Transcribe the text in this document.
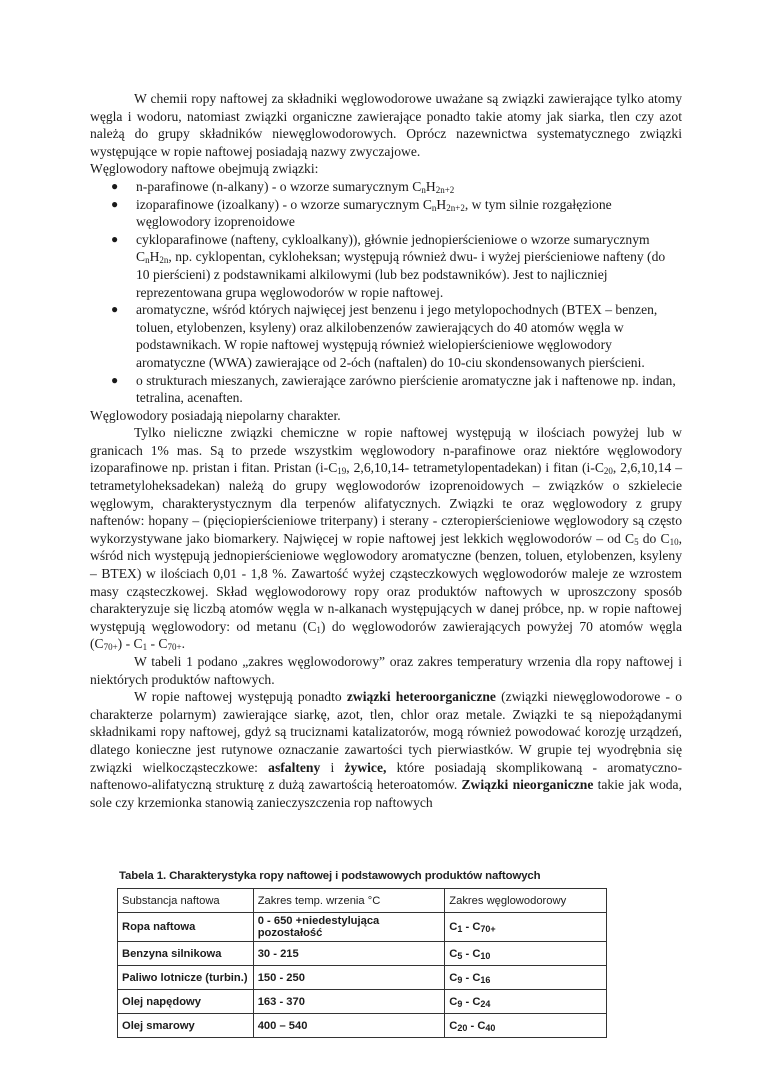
W chemii ropy naftowej za składniki węglowodorowe uważane są związki zawierające tylko atomy węgla i wodoru, natomiast związki organiczne zawierające ponadto takie atomy jak siarka, tlen czy azot należą do grupy składników niewęglowodorowych. Oprócz nazewnictwa systematycznego związki występujące w ropie naftowej posiadają nazwy zwyczajowe.

Węglowodory naftowe obejmują związki:

● n-parafinowe (n-alkany) - o wzorze sumarycznym $C_nH_{2n+2}$
● izoparafinowe (izoalkany) - o wzorze sumarycznym $C_nH_{2n+2}$, w tym silnie rozgałęzione węglowodory izoprenoidowe
● cykloparafinowe (nafteny, cykloalkany)), głównie jednopierścieniowe o wzorze sumarycznym $C_nH_{2n}$, np. cyklopentan, cykloheksan; występują również dwu- i wyżej pierścieniowe nafteny (do 10 pierścieni) z podstawnikami alkilowymi (lub bez podstawników). Jest to najliczniej reprezentowana grupa węglowodorów w ropie naftowej.
● aromatyczne, wśród których najwięcej jest benzenu i jego metylopochodnych (BTEX – benzen, toluen, etylobenzen, ksyleny) oraz alkilobenzenów zawierających do 40 atomów węgla w podstawnikach. W ropie naftowej występują również wielopierścieniowe węglowodory aromatyczne (WWA) zawierające od 2-óch (naftalen) do 10-ciu skondensowanych pierścieni.
● o strukturach mieszanych, zawierające zarówno pierścienie aromatyczne jak i naftenowe np. indan, tetralina, acenaften.

Węglowodory posiadają niepolarny charakter.

Tylko nieliczne związki chemiczne w ropie naftowej występują w ilościach powyżej lub w granicach 1% mas. Są to przede wszystkim węglowodory n-parafinowe oraz niektóre węglowodory izoparafinowe np. pristan i fitan. Pristan ($i-C_{19}$, 2,6,10,14- tetrametylopentadekan) i fitan ($i-C_{20}$, 2,6,10,14 – tetrametyloheksadekan) należą do grupy węglowodorów izoprenoidowych – związków o szkielecie węglowym, charakterystycznym dla terpenów alifatycznych. Związki te oraz węglowodory z grupy naftenów: hopany – (pięciopierścieniowe triterpany) i sterany - czteropierścieniowe węglowodory są często wykorzystywane jako biomarkery. Najwięcej w ropie naftowej jest lekkich węglowodorów – od $C_5$ do $C_{10}$, wśród nich występują jednopierścieniowe węglowodory aromatyczne (benzen, toluen, etylobenzen, ksyleny – BTEX) w ilościach 0,01 - 1,8 %. Zawartość wyżej cząsteczkowych węglowodorów maleje ze wzrostem masy cząsteczkowej. Skład węglowodorowy ropy oraz produktów naftowych w uproszczony sposób charakteryzuje się liczbą atomów węgla w n-alkanach występujących w danej próbce, np. w ropie naftowej występują węglowodory: od metanu $(C_1)$ do węglowodorów zawierających powyżej 70 atomów węgla $(C_{70+}) - C_1 - C_{70+}$.

W tabeli 1 podano „zakres węglowodorowy” oraz zakres temperatury wrzenia dla ropy naftowej i niektórych produktów naftowych.

W ropie naftowej występują ponadto związki heteroorganiczne (związki niewęglowodorowe - o charakterze polarnym) zawierające siarkę, azot, tlen, chlor oraz metale. Związki te są niepożądanymi składnikami ropy naftowej, gdyż są truciznami katalizatorów, mogą również powodować korozję urządzeń, dlatego konieczne jest rutynowe oznaczanie zawartości tych pierwiastków. W grupie tej wyodrębnia się związki wielkocząsteczkowe: asfalteny i żywice, które posiadają skomplikowaną - aromatyczno-naftenowo-alifatyczną strukturę z dużą zawartością heteroatomów. Związki nieorganiczne takie jak woda, sole czy krzemionka stanowią zanieczyszczenia rop naftowych

Tabela 1. Charakterystyka ropy naftowej i podstawowych produktów naftowych
Substancja naftowa	Zakres temp. wrzenia °C	Zakres węglowodorowy
Ropa naftowa	0 - 650 +niedestylująca pozostałość	$C_1 - C_{70+}$
Benzyna silnikowa	30 - 215	$C_5 - C_{10}$
Paliwo lotnicze (turbin.)	150 - 250	$C_9 - C_{16}$
Olej napędowy	163 - 370	$C_9 - C_{24}$
Olej smarowy	400 – 540	$C_{20} - C_{40}$
